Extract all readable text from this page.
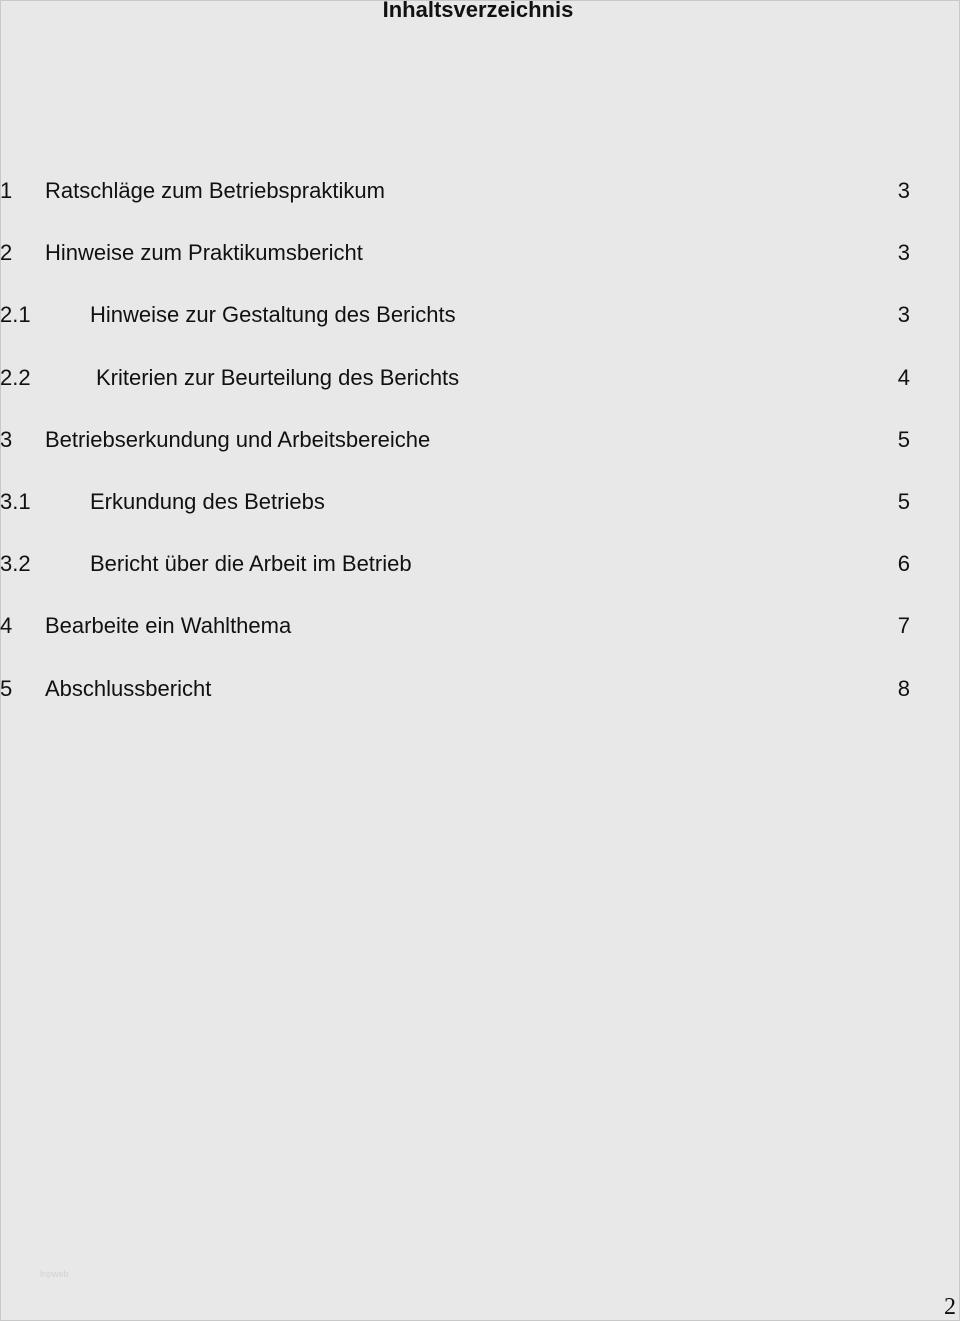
Inhaltsverzeichnis
1 Ratschläge zum Betriebspraktikum	3
2 Hinweise zum Praktikumsbericht	3
2.1	Hinweise zur Gestaltung des Berichts	3
2.2	Kriterien zur Beurteilung des Berichts	4
3 Betriebserkundung und Arbeitsbereiche	5
3.1	Erkundung des Betriebs	5
3.2	Bericht über die Arbeit im Betrieb	6
4 Bearbeite ein Wahlthema	7
5 Abschlussbericht	8
lnpweb
2
